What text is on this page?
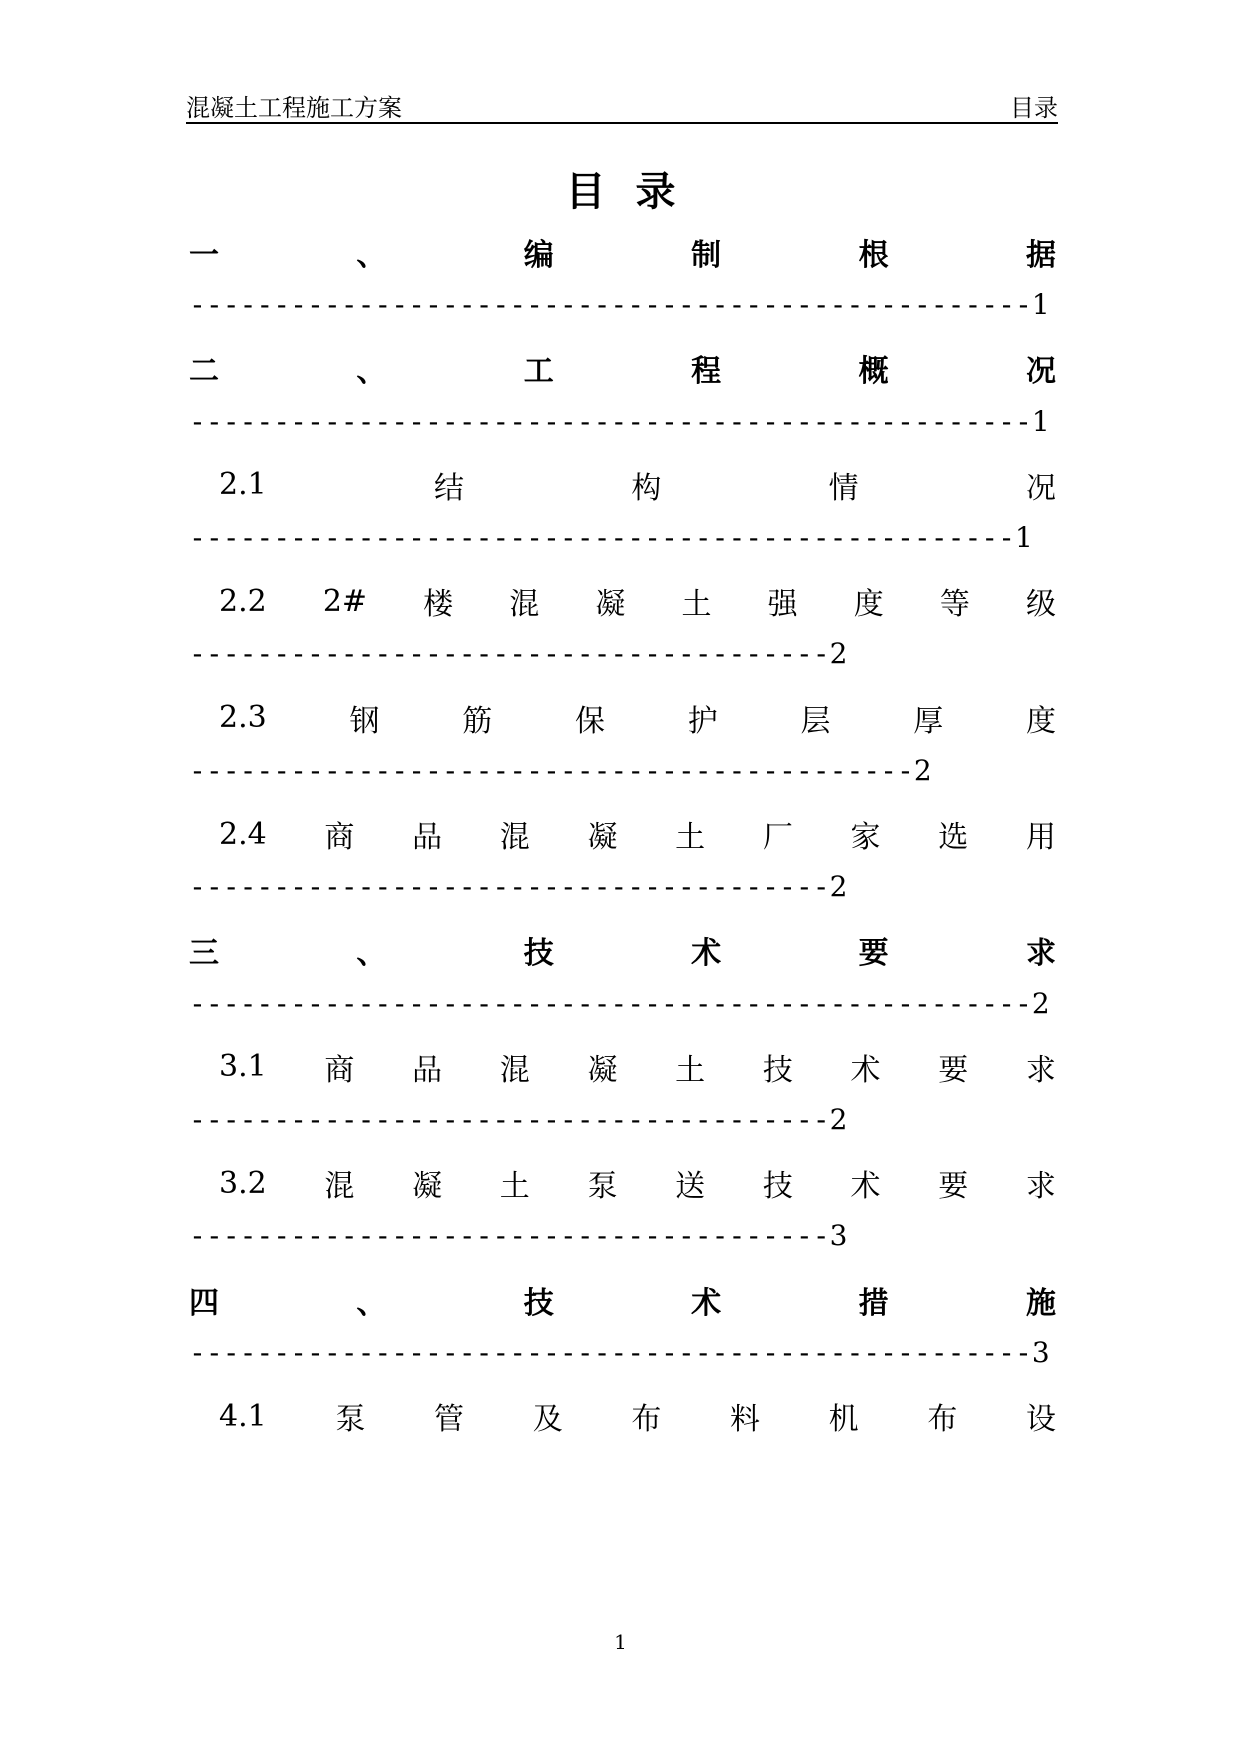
混凝土工程施工方案	目录
目录
一	、	编	制	根	据
--------------------------------------------------1
二	、	工	程	概	况
--------------------------------------------------1
2.1	结	构	情	况
-------------------------------------------------1
2.2 2# 楼 混 凝 土 强 度 等 级
--------------------------------------2
2.3	钢	筋	保	护	层	厚	度
-------------------------------------------2
2.4 商 品 混 凝 土 厂 家 选 用
--------------------------------------2
三	、	技	术	要	求
--------------------------------------------------2
3.1 商 品 混 凝 土 技 术 要 求
--------------------------------------2
3.2 混 凝 土 泵 送 技 术 要 求
--------------------------------------3
四	、	技	术	措	施
--------------------------------------------------3
4.1 泵 管 及 布 料 机 布 设
1
